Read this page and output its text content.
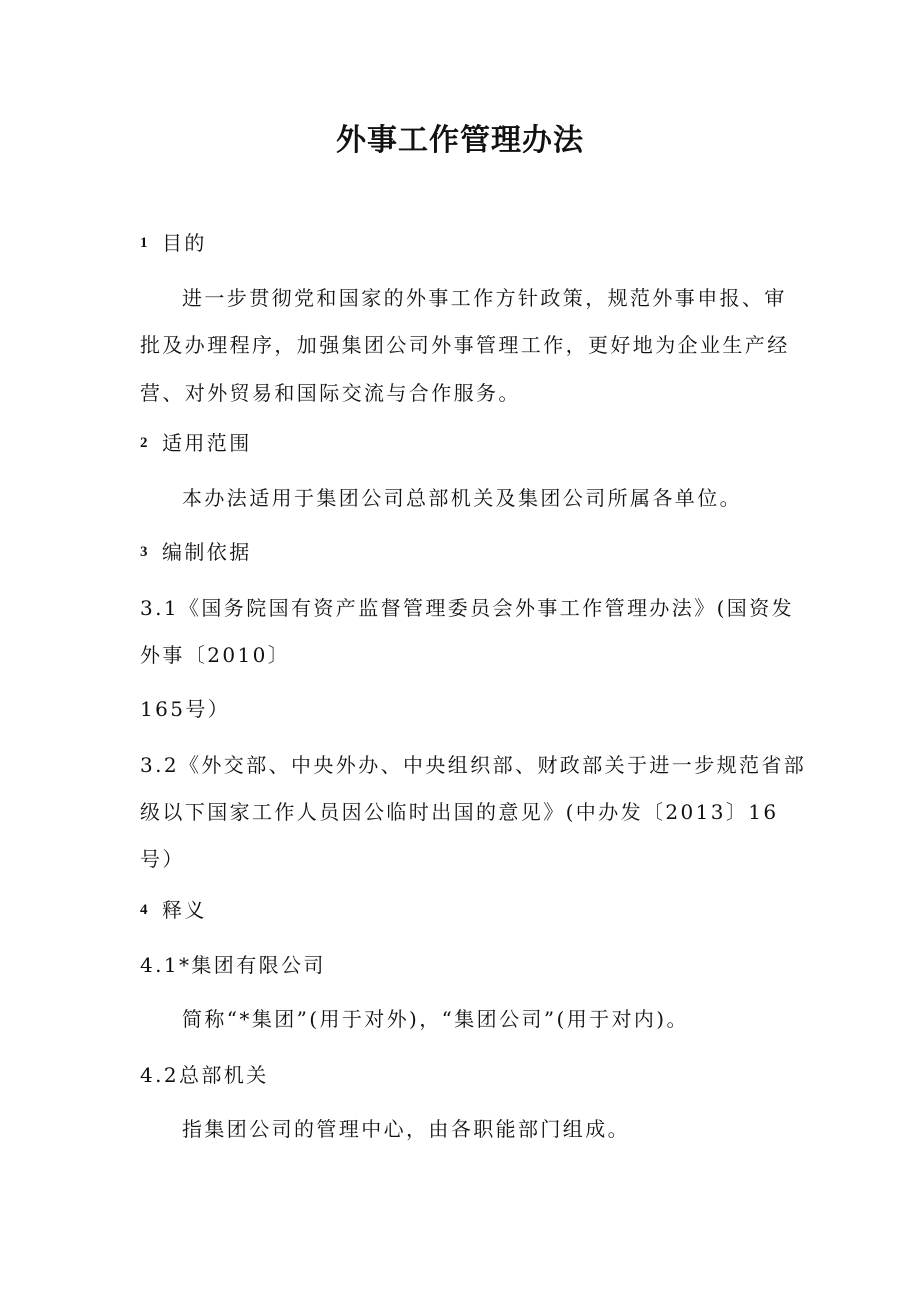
外事工作管理办法
1 目的

进一步贯彻党和国家的外事工作方针政策，规范外事申报、审

批及办理程序，加强集团公司外事管理工作，更好地为企业生产经

营、对外贸易和国际交流与合作服务。

2 适用范围

本办法适用于集团公司总部机关及集团公司所属各单位。

3 编制依据

3.1《国务院国有资产监督管理委员会外事工作管理办法》(国资发

外事〔2010〕

165号）

3.2《外交部、中央外办、中央组织部、财政部关于进一步规范省部

级以下国家工作人员因公临时出国的意见》(中办发〔2013〕16

号）

4 释义

4.1*集团有限公司

简称“*集团”(用于对外)，“集团公司”(用于对内)。

4.2总部机关

指集团公司的管理中心，由各职能部门组成。
